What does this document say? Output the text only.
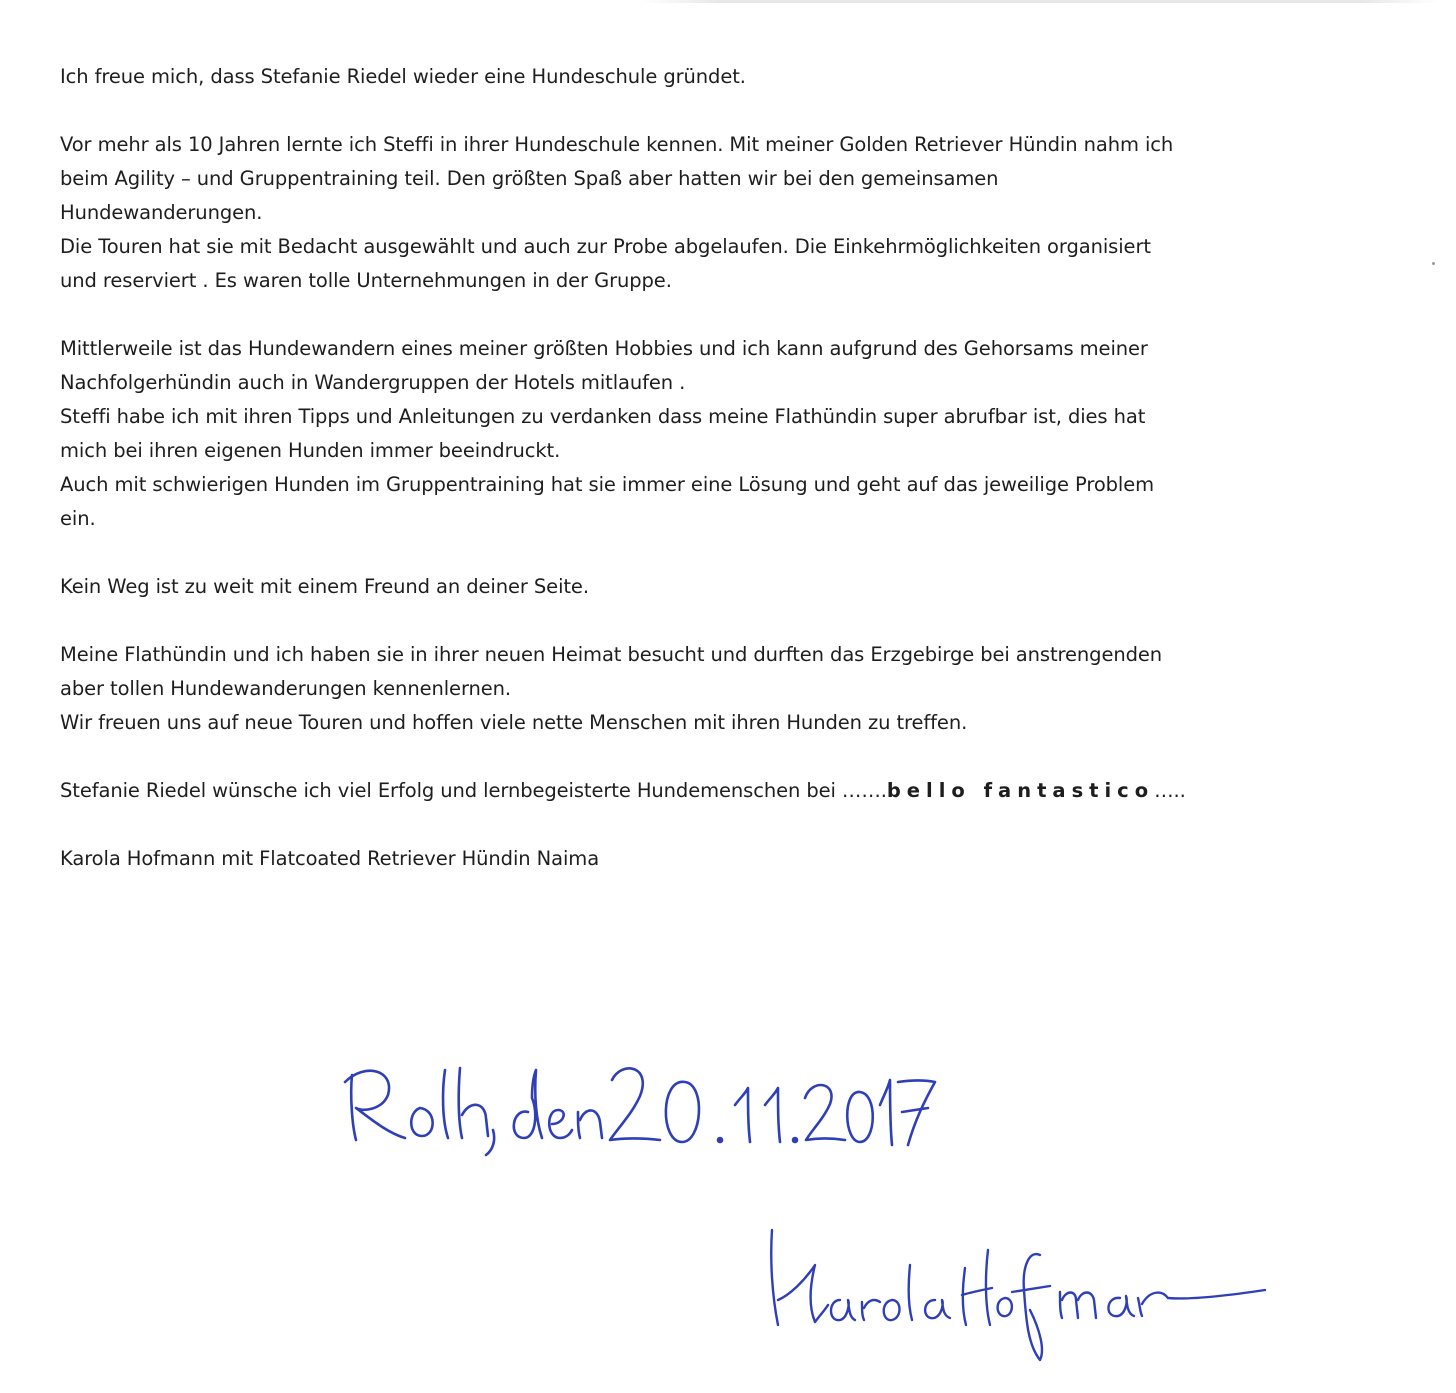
Ich freue mich, dass Stefanie Riedel wieder eine Hundeschule gründet.

Vor mehr als 10 Jahren lernte ich Steffi in ihrer Hundeschule kennen. Mit meiner Golden Retriever Hündin nahm ich
beim Agility – und Gruppentraining teil. Den größten Spaß aber hatten wir bei den gemeinsamen
Hundewanderungen.
Die Touren hat sie mit Bedacht ausgewählt und auch zur Probe abgelaufen. Die Einkehrmöglichkeiten organisiert
und reserviert . Es waren tolle Unternehmungen in der Gruppe.

Mittlerweile ist das Hundewandern eines meiner größten Hobbies und ich kann aufgrund des Gehorsams meiner
Nachfolgerhündin auch in Wandergruppen der Hotels mitlaufen .
Steffi habe ich mit ihren Tipps und Anleitungen zu verdanken dass meine Flathündin super abrufbar ist, dies hat
mich bei ihren eigenen Hunden immer beeindruckt.
Auch mit schwierigen Hunden im Gruppentraining hat sie immer eine Lösung und geht auf das jeweilige Problem
ein.

Kein Weg ist zu weit mit einem Freund an deiner Seite.

Meine Flathündin und ich haben sie in ihrer neuen Heimat besucht und durften das Erzgebirge bei anstrengenden
aber tollen Hundewanderungen kennenlernen.
Wir freuen uns auf neue Touren und hoffen viele nette Menschen mit ihren Hunden zu treffen.

Stefanie Riedel wünsche ich viel Erfolg und lernbegeisterte Hundemenschen bei …….bello fantastico…..

Karola Hofmann mit Flatcoated Retriever Hündin Naima
